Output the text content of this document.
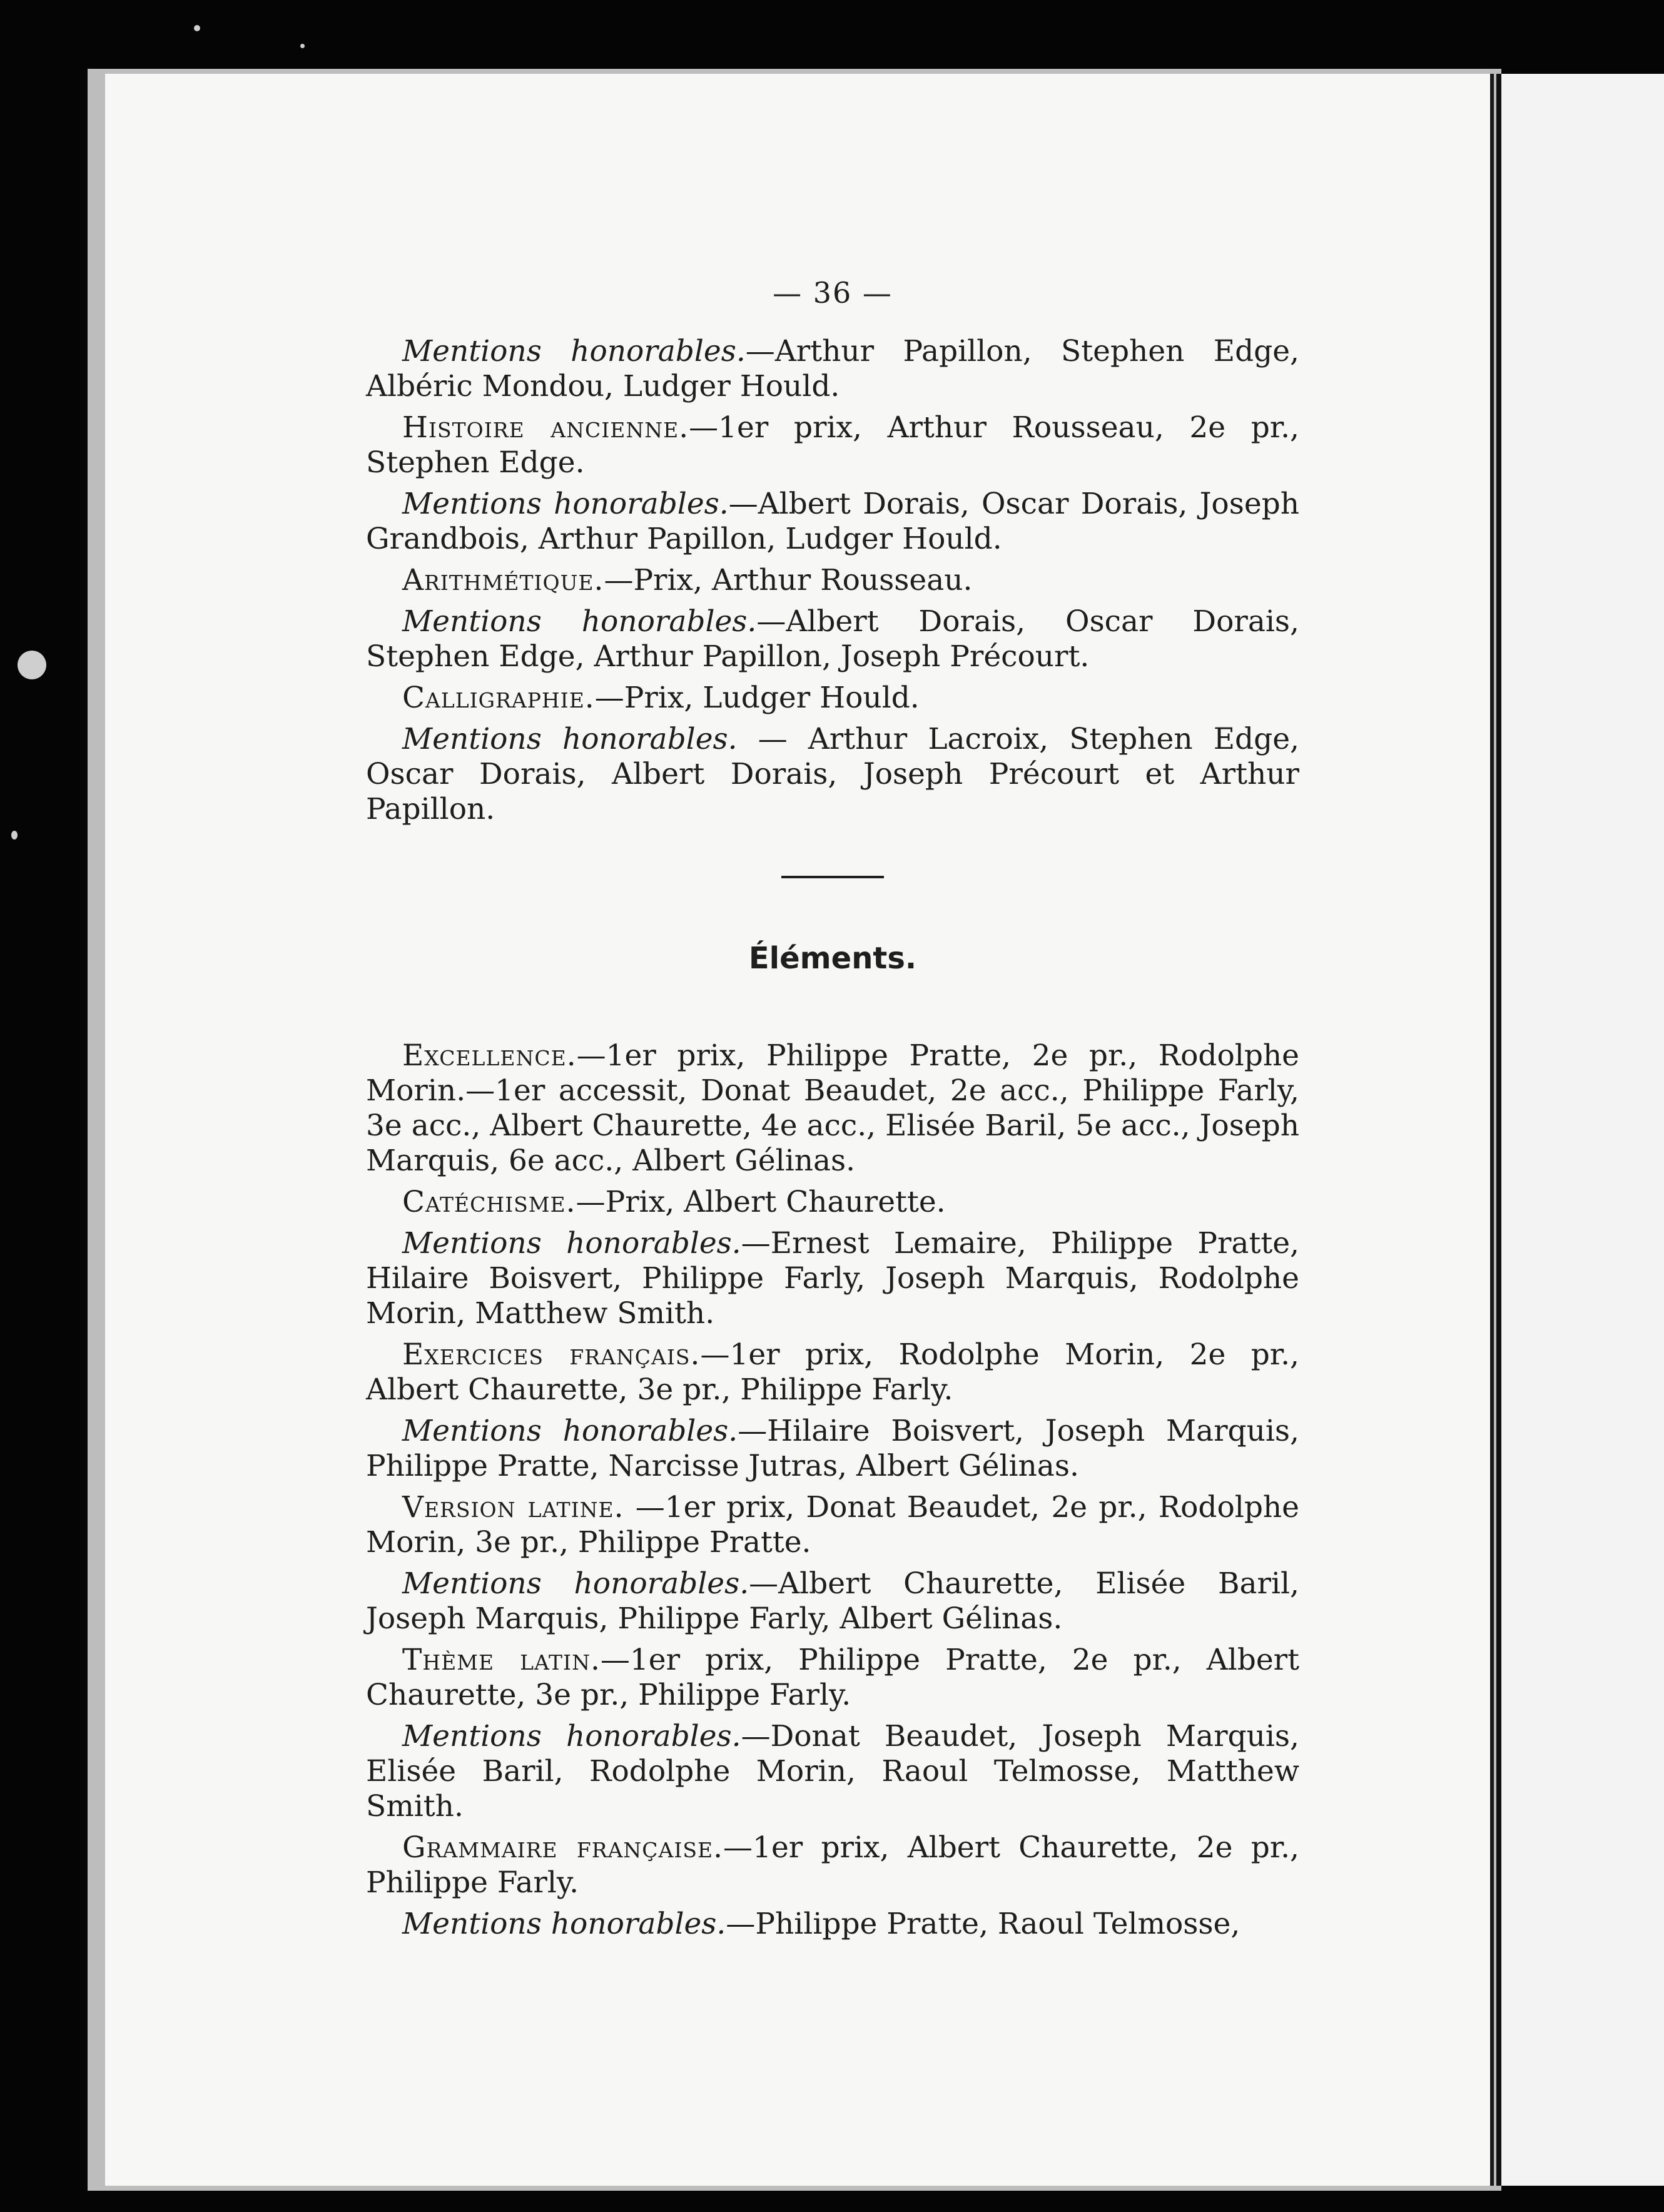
— 36 —

Mentions honorables.—Arthur Papillon, Stephen Edge, Albéric Mondou, Ludger Hould.

Histoire ancienne.—1er prix, Arthur Rousseau, 2e pr., Stephen Edge.

Mentions honorables.—Albert Dorais, Oscar Dorais, Joseph Grandbois, Arthur Papillon, Ludger Hould.

Arithmétique.—Prix, Arthur Rousseau.

Mentions honorables.—Albert Dorais, Oscar Dorais, Stephen Edge, Arthur Papillon, Joseph Précourt.

Calligraphie.—Prix, Ludger Hould.

Mentions honorables. — Arthur Lacroix, Stephen Edge, Oscar Dorais, Albert Dorais, Joseph Précourt et Arthur Papillon.

Éléments.

Excellence.—1er prix, Philippe Pratte, 2e pr., Rodolphe Morin.—1er accessit, Donat Beaudet, 2e acc., Philippe Farly, 3e acc., Albert Chaurette, 4e acc., Elisée Baril, 5e acc., Joseph Marquis, 6e acc., Albert Gélinas.

Catéchisme.—Prix, Albert Chaurette.

Mentions honorables.—Ernest Lemaire, Philippe Pratte, Hilaire Boisvert, Philippe Farly, Joseph Marquis, Rodolphe Morin, Matthew Smith.

Exercices français.—1er prix, Rodolphe Morin, 2e pr., Albert Chaurette, 3e pr., Philippe Farly.

Mentions honorables.—Hilaire Boisvert, Joseph Marquis, Philippe Pratte, Narcisse Jutras, Albert Gélinas.

Version latine. —1er prix, Donat Beaudet, 2e pr., Rodolphe Morin, 3e pr., Philippe Pratte.

Mentions honorables.—Albert Chaurette, Elisée Baril, Joseph Marquis, Philippe Farly, Albert Gélinas.

Thème latin.—1er prix, Philippe Pratte, 2e pr., Albert Chaurette, 3e pr., Philippe Farly.

Mentions honorables.—Donat Beaudet, Joseph Marquis, Elisée Baril, Rodolphe Morin, Raoul Telmosse, Matthew Smith.

Grammaire française.—1er prix, Albert Chaurette, 2e pr., Philippe Farly.

Mentions honorables.—Philippe Pratte, Raoul Telmosse,
